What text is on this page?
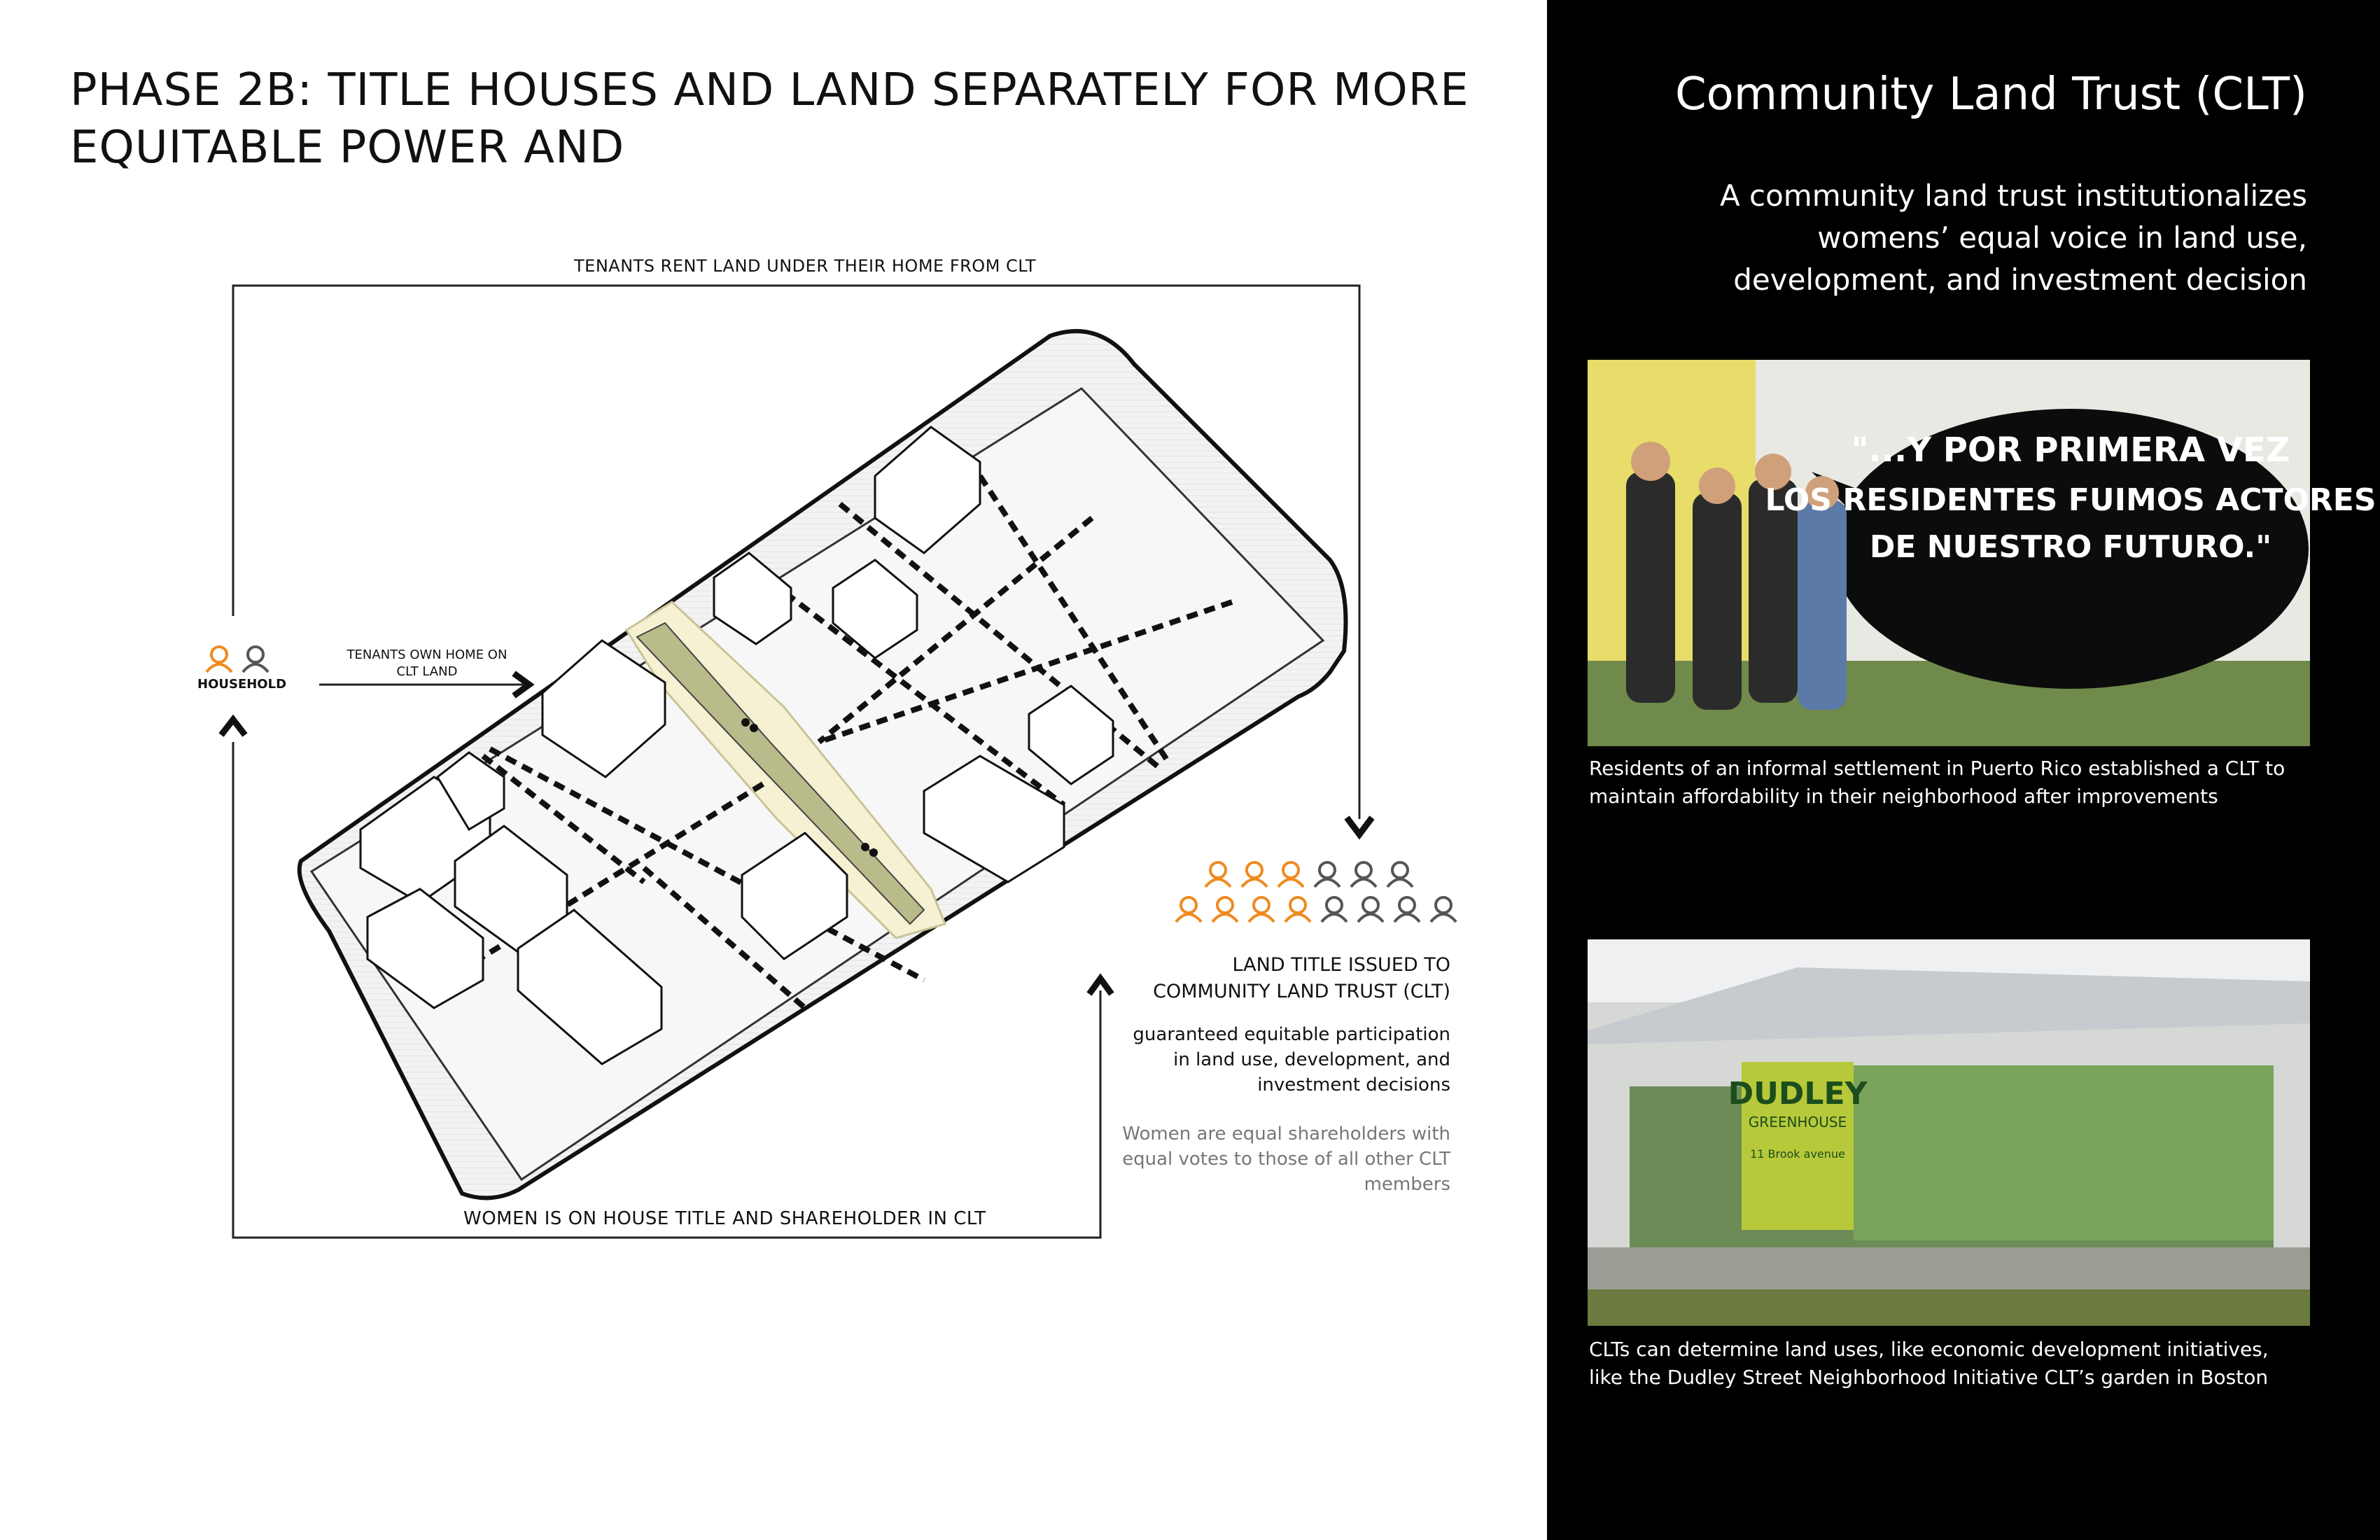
PHASE 2B: TITLE HOUSES AND LAND SEPARATELY FOR MORE
EQUITABLE POWER AND
TENANTS RENT LAND UNDER THEIR HOME FROM CLT
WOMEN IS ON HOUSE TITLE AND SHAREHOLDER IN CLT
HOUSEHOLD
TENANTS OWN HOME ON
CLT LAND
LAND TITLE ISSUED TO
COMMUNITY LAND TRUST (CLT)
guaranteed equitable participation
in land use, development, and
investment decisions
Women are equal shareholders with
equal votes to those of all other CLT
members
Community Land Trust (CLT)
A community land trust institutionalizes
womens’ equal voice in land use,
development, and investment decision
"...Y POR PRIMERA VEZ
LOS RESIDENTES FUIMOS ACTORES
DE NUESTRO FUTURO."
Residents of an informal settlement in Puerto Rico established a CLT to
maintain affordability in their neighborhood after improvements
DUDLEY
GREENHOUSE
11 Brook avenue
CLTs can determine land uses, like economic development initiatives,
like the Dudley Street Neighborhood Initiative CLT’s garden in Boston
